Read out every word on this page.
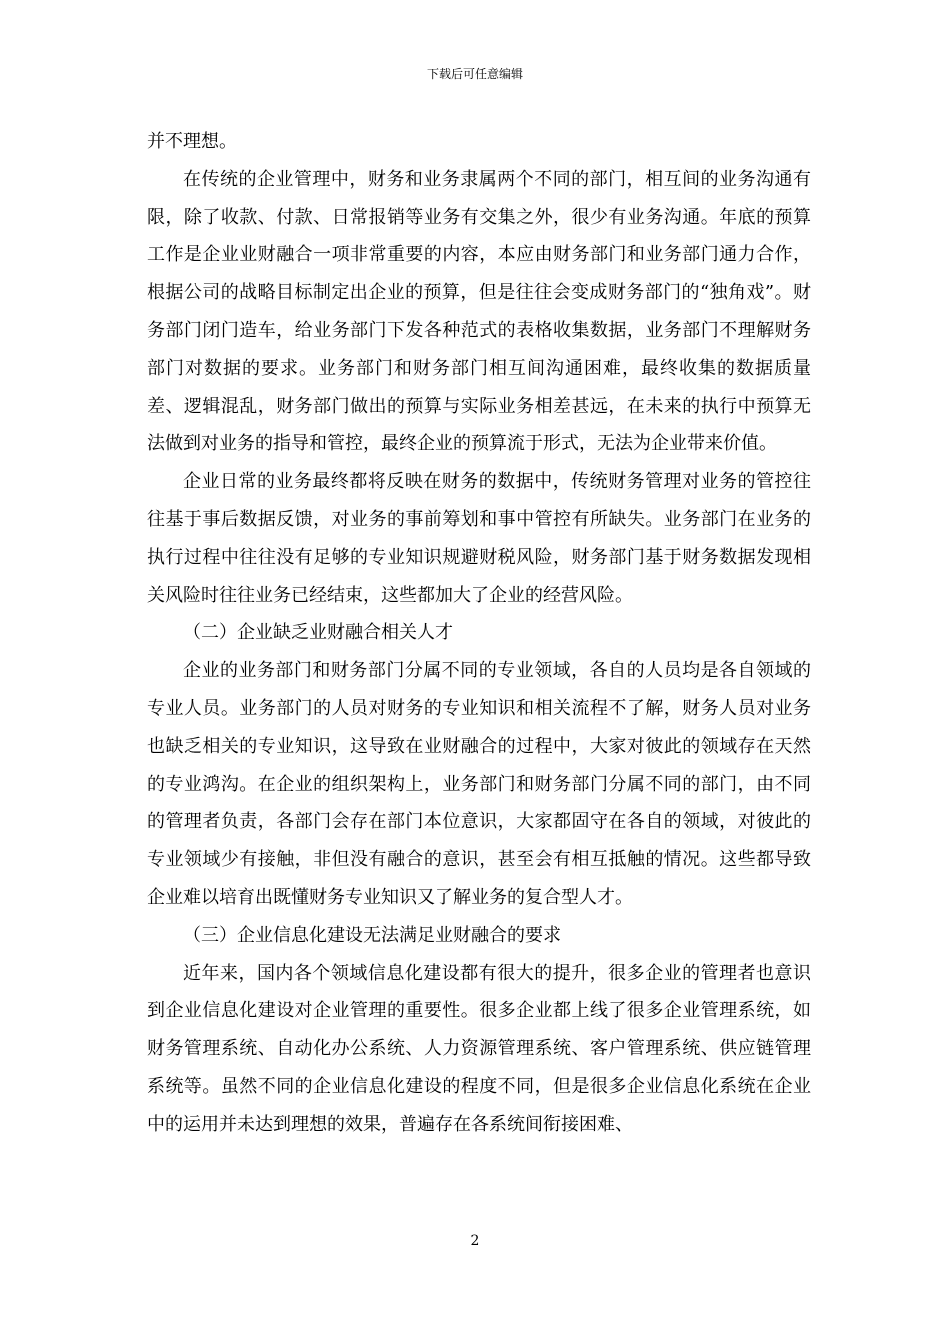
下载后可任意编辑

并不理想。

在传统的企业管理中，财务和业务隶属两个不同的部门，相互间的业务沟通有限，除了收款、付款、日常报销等业务有交集之外，很少有业务沟通。年底的预算工作是企业业财融合一项非常重要的内容，本应由财务部门和业务部门通力合作，根据公司的战略目标制定出企业的预算，但是往往会变成财务部门的“独角戏”。财务部门闭门造车，给业务部门下发各种范式的表格收集数据，业务部门不理解财务部门对数据的要求。业务部门和财务部门相互间沟通困难，最终收集的数据质量差、逻辑混乱，财务部门做出的预算与实际业务相差甚远，在未来的执行中预算无法做到对业务的指导和管控，最终企业的预算流于形式，无法为企业带来价值。

企业日常的业务最终都将反映在财务的数据中，传统财务管理对业务的管控往往基于事后数据反馈，对业务的事前筹划和事中管控有所缺失。业务部门在业务的执行过程中往往没有足够的专业知识规避财税风险，财务部门基于财务数据发现相关风险时往往业务已经结束，这些都加大了企业的经营风险。

（二）企业缺乏业财融合相关人才

企业的业务部门和财务部门分属不同的专业领域，各自的人员均是各自领域的专业人员。业务部门的人员对财务的专业知识和相关流程不了解，财务人员对业务也缺乏相关的专业知识，这导致在业财融合的过程中，大家对彼此的领域存在天然的专业鸿沟。在企业的组织架构上，业务部门和财务部门分属不同的部门，由不同的管理者负责，各部门会存在部门本位意识，大家都固守在各自的领域，对彼此的专业领域少有接触，非但没有融合的意识，甚至会有相互抵触的情况。这些都导致企业难以培育出既懂财务专业知识又了解业务的复合型人才。

（三）企业信息化建设无法满足业财融合的要求

近年来，国内各个领域信息化建设都有很大的提升，很多企业的管理者也意识到企业信息化建设对企业管理的重要性。很多企业都上线了很多企业管理系统，如财务管理系统、自动化办公系统、人力资源管理系统、客户管理系统、供应链管理系统等。虽然不同的企业信息化建设的程度不同，但是很多企业信息化系统在企业中的运用并未达到理想的效果，普遍存在各系统间衔接困难、

2
